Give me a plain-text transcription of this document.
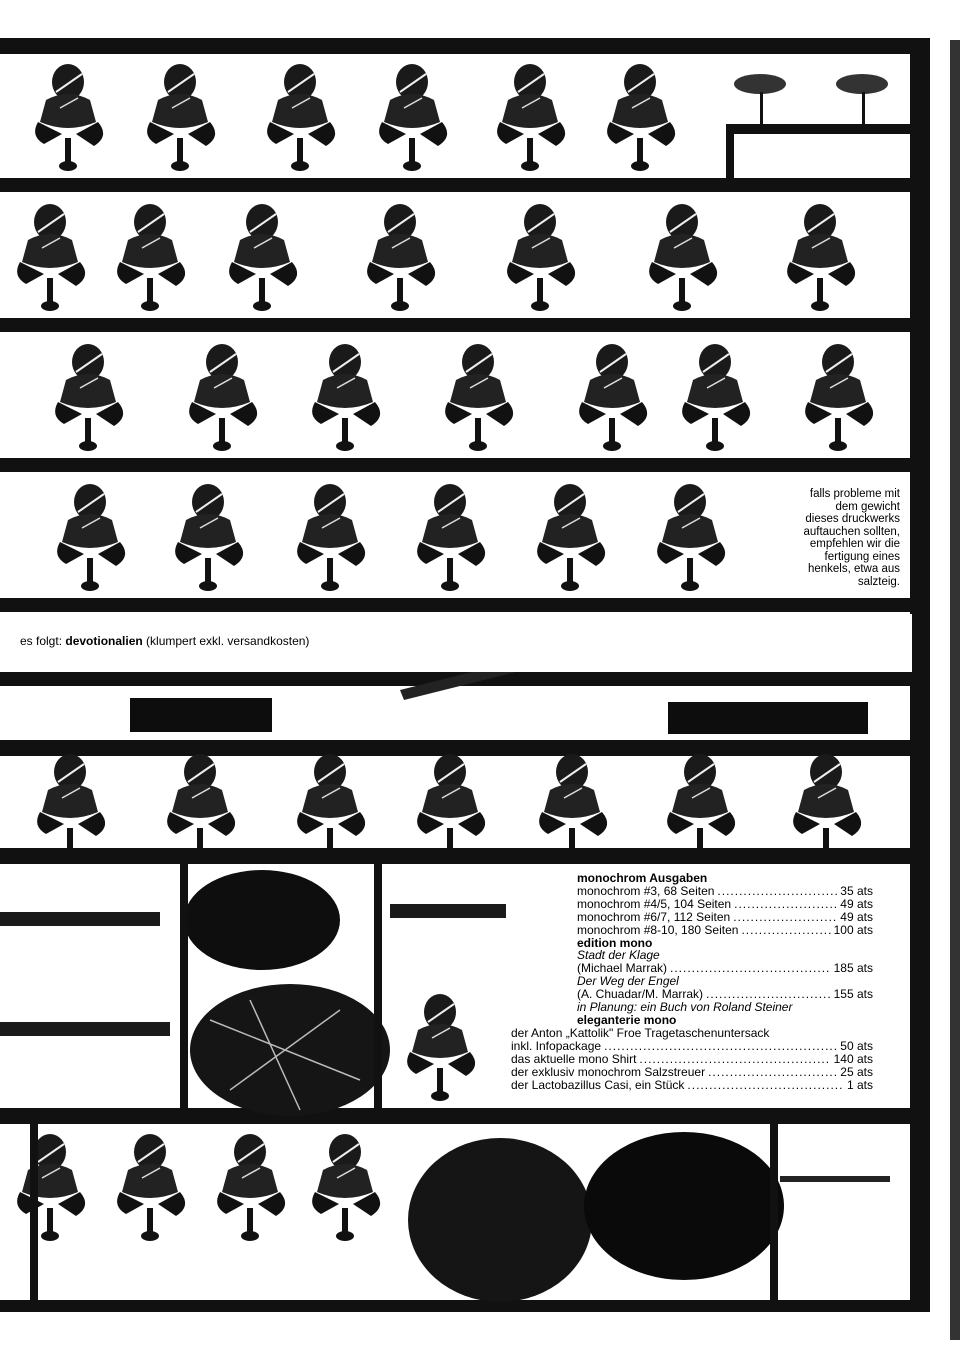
falls probleme mit
dem gewicht
dieses druckwerks
auftauchen sollten,
empfehlen wir die
fertigung eines
henkels, etwa aus
salzteig.
es folgt: devotionalien (klumpert exkl. versandkosten)
monochrom Ausgaben
monochrom #3, 68 Seiten .....	35 ats
monochrom #4/5, 104 Seiten .....	49 ats
monochrom #6/7, 112 Seiten .....	49 ats
monochrom #8-10, 180 Seiten .....	100 ats
edition mono
Stadt der Klage
(Michael Marrak) .....	185 ats
Der Weg der Engel
(A. Chuadar/M. Marrak) .....	155 ats
in Planung: ein Buch von Roland Steiner
eleganterie mono
der Anton „Kattolik" Froe Tragetaschenuntersack
inkl. Infopackage .....	50 ats
das aktuelle mono Shirt .....	140 ats
der exklusiv monochrom Salzstreuer .....	25 ats
der Lactobazillus Casi, ein Stück .....	1 ats
